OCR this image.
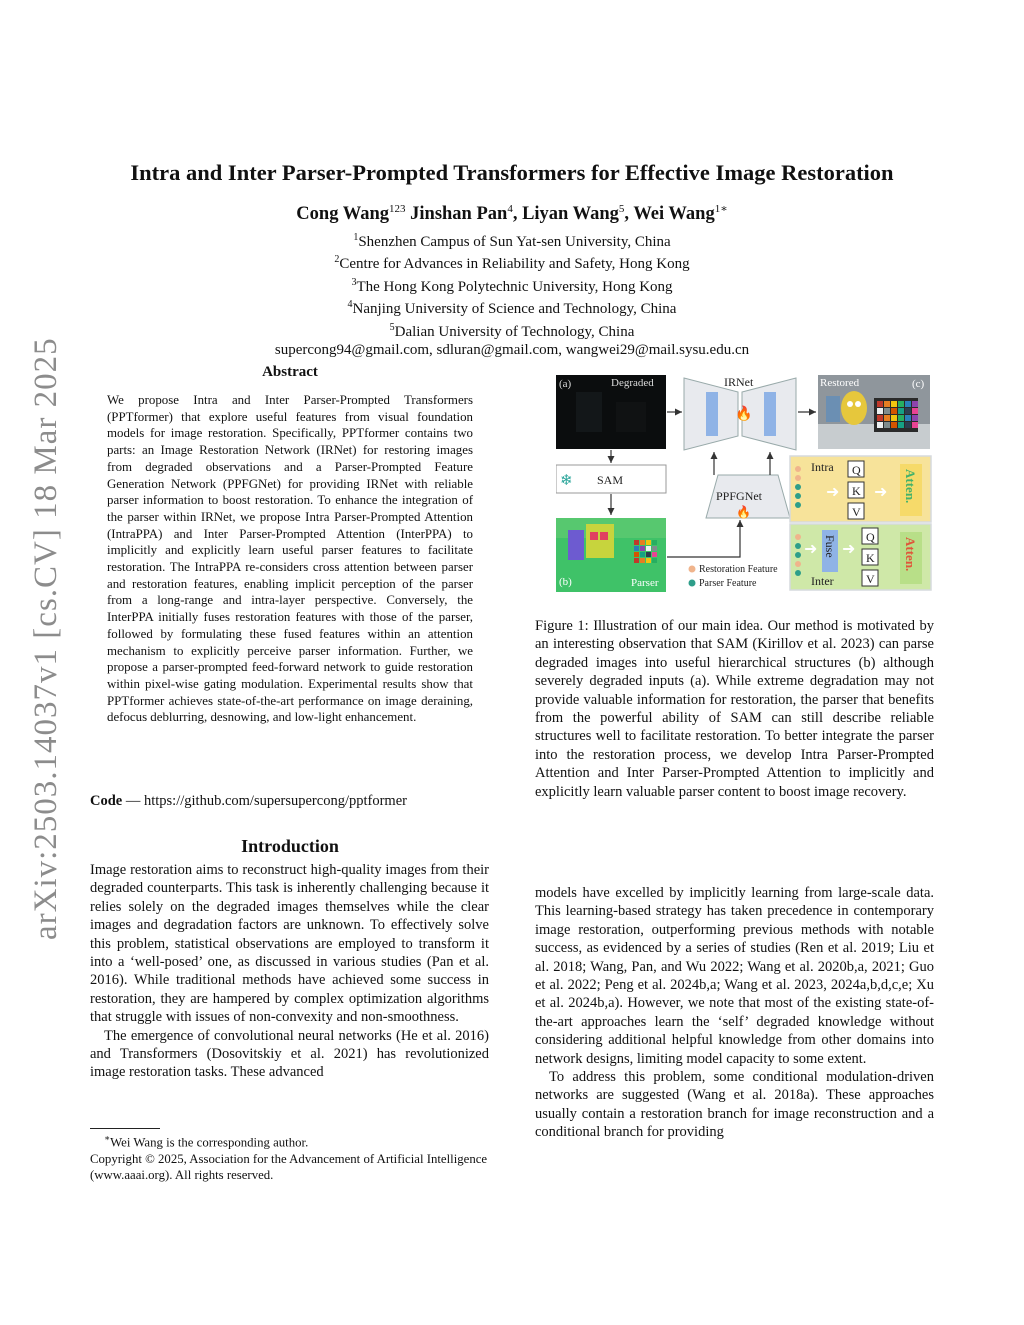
arXiv:2503.14037v1 [cs.CV] 18 Mar 2025
Intra and Inter Parser-Prompted Transformers for Effective Image Restoration
Cong Wang$^{123}$ Jinshan Pan$^4$, Liyan Wang$^5$, Wei Wang$^{1∗}$
$^1$Shenzhen Campus of Sun Yat-sen University, China
$^2$Centre for Advances in Reliability and Safety, Hong Kong
$^3$The Hong Kong Polytechnic University, Hong Kong
$^4$Nanjing University of Science and Technology, China
$^5$Dalian University of Technology, China
supercong94@gmail.com, sdluran@gmail.com, wangwei29@mail.sysu.edu.cn
Abstract
We propose Intra and Inter Parser-Prompted Transformers (PPTformer) that explore useful features from visual foundation models for image restoration. Specifically, PPTformer contains two parts: an Image Restoration Network (IRNet) for restoring images from degraded observations and a Parser-Prompted Feature Generation Network (PPFGNet) for providing IRNet with reliable parser information to boost restoration. To enhance the integration of the parser within IRNet, we propose Intra Parser-Prompted Attention (IntraPPA) and Inter Parser-Prompted Attention (InterPPA) to implicitly and explicitly learn useful parser features to facilitate restoration. The IntraPPA re-considers cross attention between parser and restoration features, enabling implicit perception of the parser from a long-range and intra-layer perspective. Conversely, the InterPPA initially fuses restoration features with those of the parser, followed by formulating these fused features within an attention mechanism to explicitly perceive parser information. Further, we propose a parser-prompted feed-forward network to guide restoration within pixel-wise gating modulation. Experimental results show that PPTformer achieves state-of-the-art performance on image deraining, defocus deblurring, desnowing, and low-light enhancement.
Code — https://github.com/supersupercong/pptformer
Introduction

Image restoration aims to reconstruct high-quality images from their degraded counterparts. This task is inherently challenging because it relies solely on the degraded images themselves while the clear images and degradation factors are unknown. To effectively solve this problem, statistical observations are employed to transform it into a ‘well-posed’ one, as discussed in various studies (Pan et al. 2016). While traditional methods have achieved some success in restoration, they are hampered by complex optimization algorithms that struggle with issues of non-convexity and non-smoothness.

The emergence of convolutional neural networks (He et al. 2016) and Transformers (Dosovitskiy et al. 2021) has revolutionized image restoration tasks. These advanced

∗Wei Wang is the corresponding author.
Copyright © 2025, Association for the Advancement of Artificial Intelligence (www.aaai.org). All rights reserved.
(a)	Degraded	IRNet
🔥
Restored	(c)
❄ SAM
(b)	Parser
PPFGNet
🔥
Restoration Feature
Parser Feature
Intra
➜
Q
K
V
➜ Atten.
➜ Fuse
Inter
Q
K
V
➜	Atten.
Figure 1: Illustration of our main idea. Our method is motivated by an interesting observation that SAM (Kirillov et al. 2023) can parse degraded images into useful hierarchical structures (b) although severely degraded inputs (a). While extreme degradation may not provide valuable information for restoration, the parser that benefits from the powerful ability of SAM can still describe reliable structures well to facilitate restoration. To better integrate the parser into the restoration process, we develop Intra Parser-Prompted Attention and Inter Parser-Prompted Attention to implicitly and explicitly learn valuable parser content to boost image recovery.

models have excelled by implicitly learning from large-scale data. This learning-based strategy has taken precedence in contemporary image restoration, outperforming previous methods with notable success, as evidenced by a series of studies (Ren et al. 2019; Liu et al. 2018; Wang, Pan, and Wu 2022; Wang et al. 2020b,a, 2021; Guo et al. 2022; Peng et al. 2024b,a; Wang et al. 2023, 2024a,b,d,c,e; Xu et al. 2024b,a). However, we note that most of the existing state-of-the-art approaches learn the ‘self’ degraded knowledge without considering additional helpful knowledge from other domains into network designs, limiting model capacity to some extent.

To address this problem, some conditional modulation-driven networks are suggested (Wang et al. 2018a). These approaches usually contain a restoration branch for image reconstruction and a conditional branch for providing
